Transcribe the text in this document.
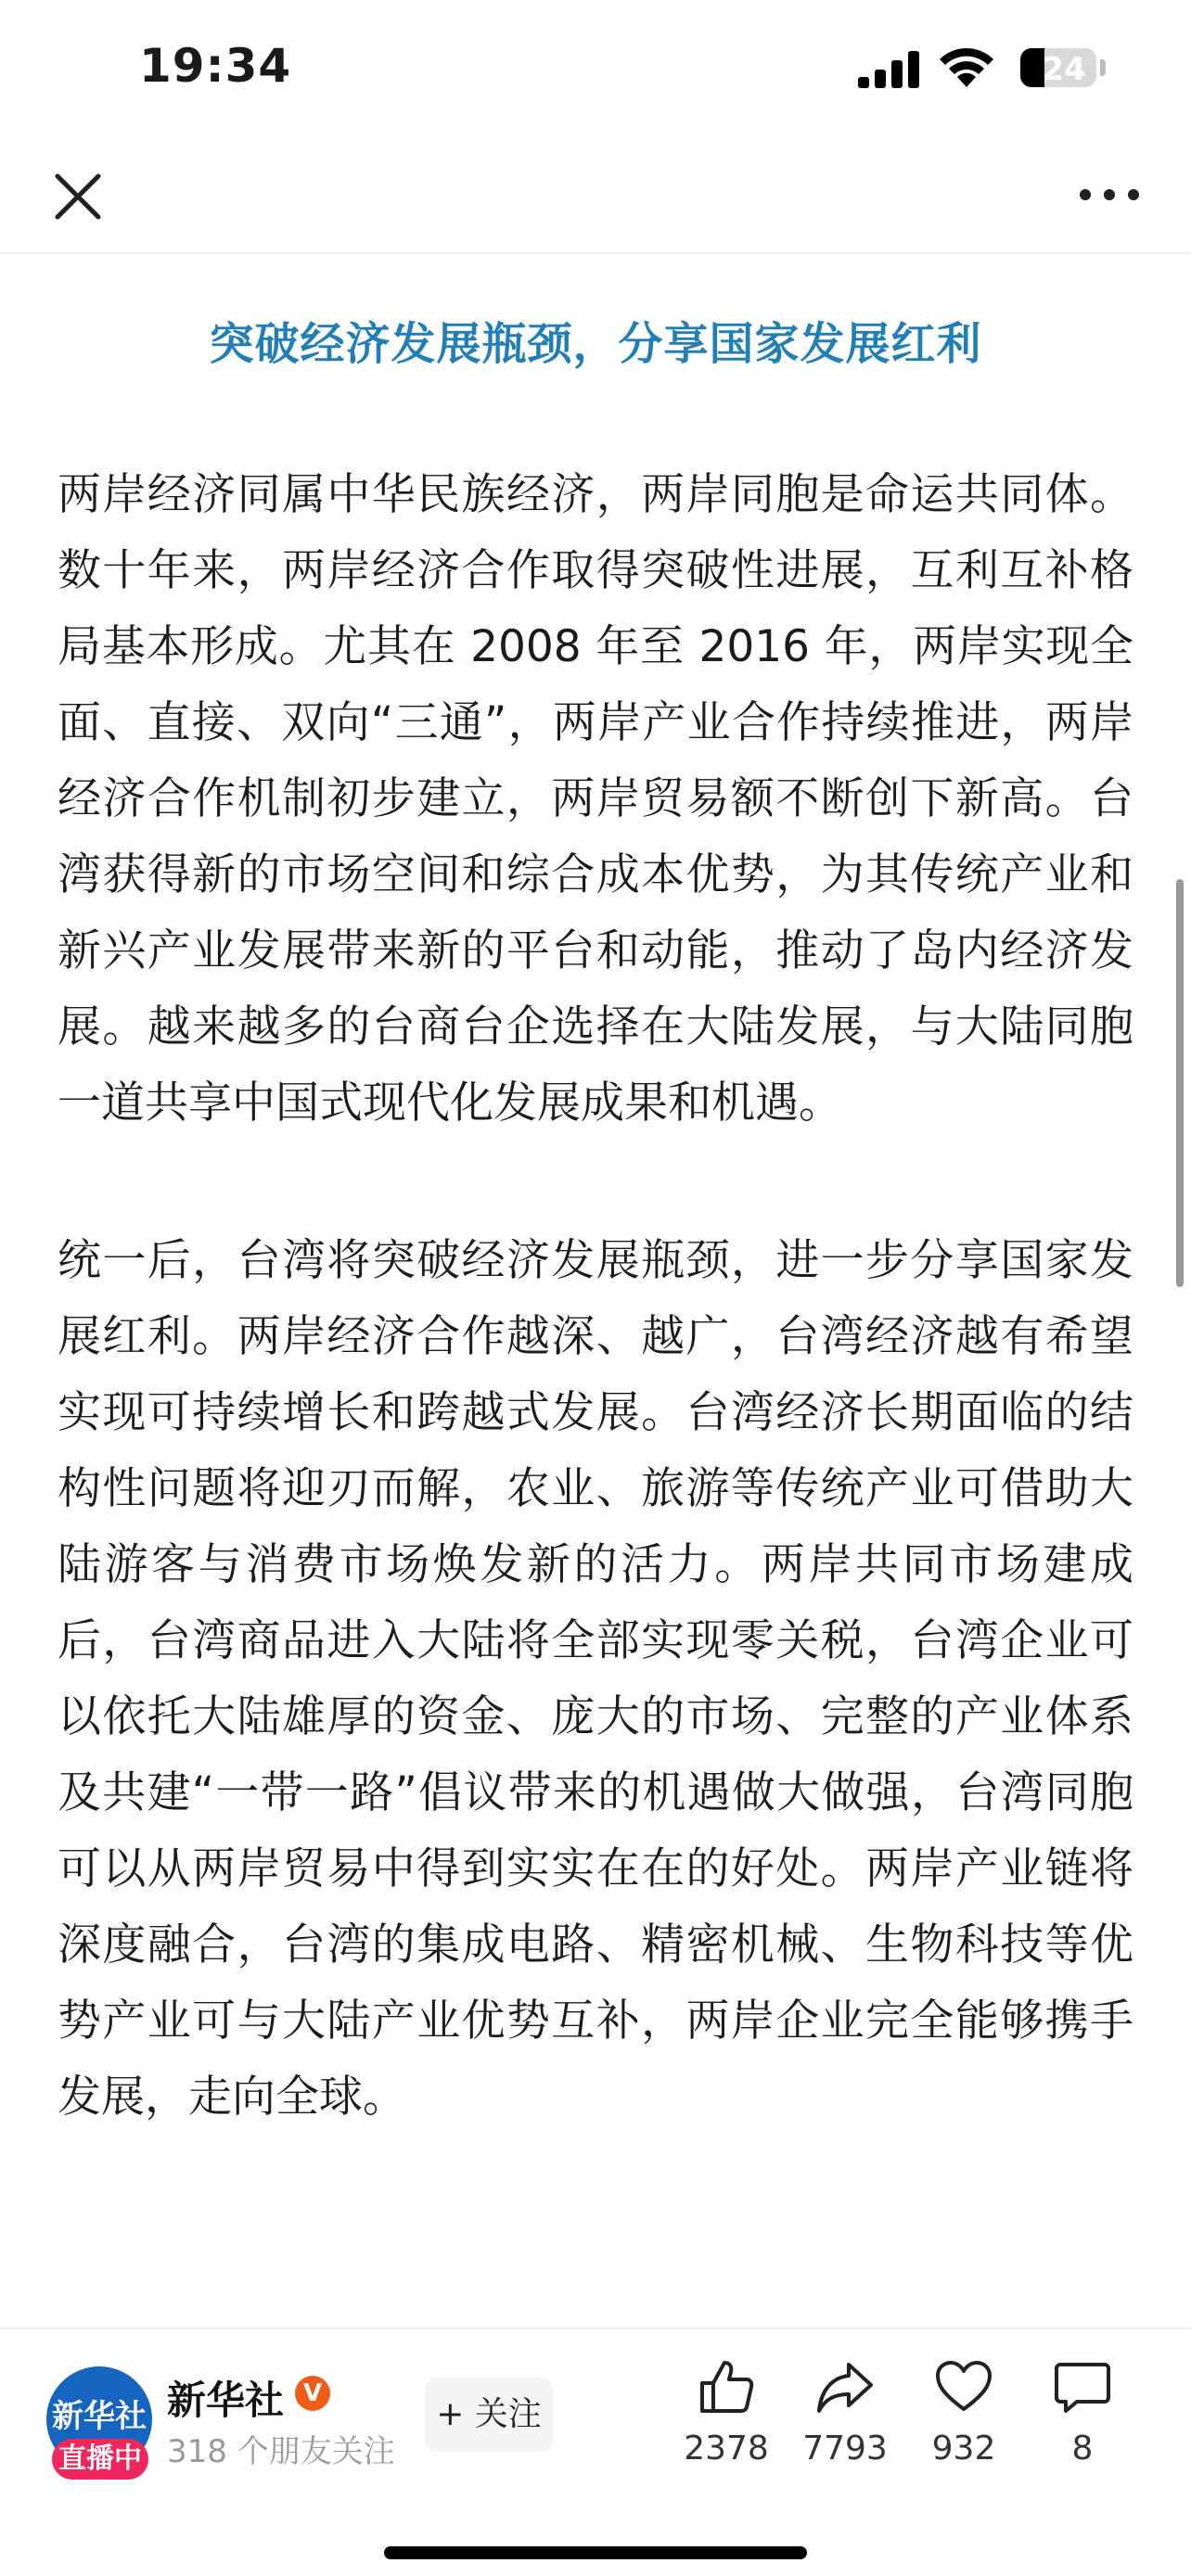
19:34	24
突破经济发展瓶颈，分享国家发展红利

两岸经济同属中华民族经济，两岸同胞是命运共同体。数十年来，两岸经济合作取得突破性进展，互利互补格局基本形成。尤其在 2008 年至 2016 年，两岸实现全面、直接、双向“三通”，两岸产业合作持续推进，两岸经济合作机制初步建立，两岸贸易额不断创下新高。台湾获得新的市场空间和综合成本优势，为其传统产业和新兴产业发展带来新的平台和动能，推动了岛内经济发展。越来越多的台商台企选择在大陆发展，与大陆同胞一道共享中国式现代化发展成果和机遇。

统一后，台湾将突破经济发展瓶颈，进一步分享国家发展红利。两岸经济合作越深、越广，台湾经济越有希望实现可持续增长和跨越式发展。台湾经济长期面临的结构性问题将迎刃而解，农业、旅游等传统产业可借助大陆游客与消费市场焕发新的活力。两岸共同市场建成后，台湾商品进入大陆将全部实现零关税，台湾企业可以依托大陆雄厚的资金、庞大的市场、完整的产业体系及共建“一带一路”倡议带来的机遇做大做强，台湾同胞可以从两岸贸易中得到实实在在的好处。两岸产业链将深度融合，台湾的集成电路、精密机械、生物科技等优势产业可与大陆产业优势互补，两岸企业完全能够携手发展，走向全球。

新华社
直播中
新华社 V
318 个朋友关注
+ 关注
2378	7793	932	8
